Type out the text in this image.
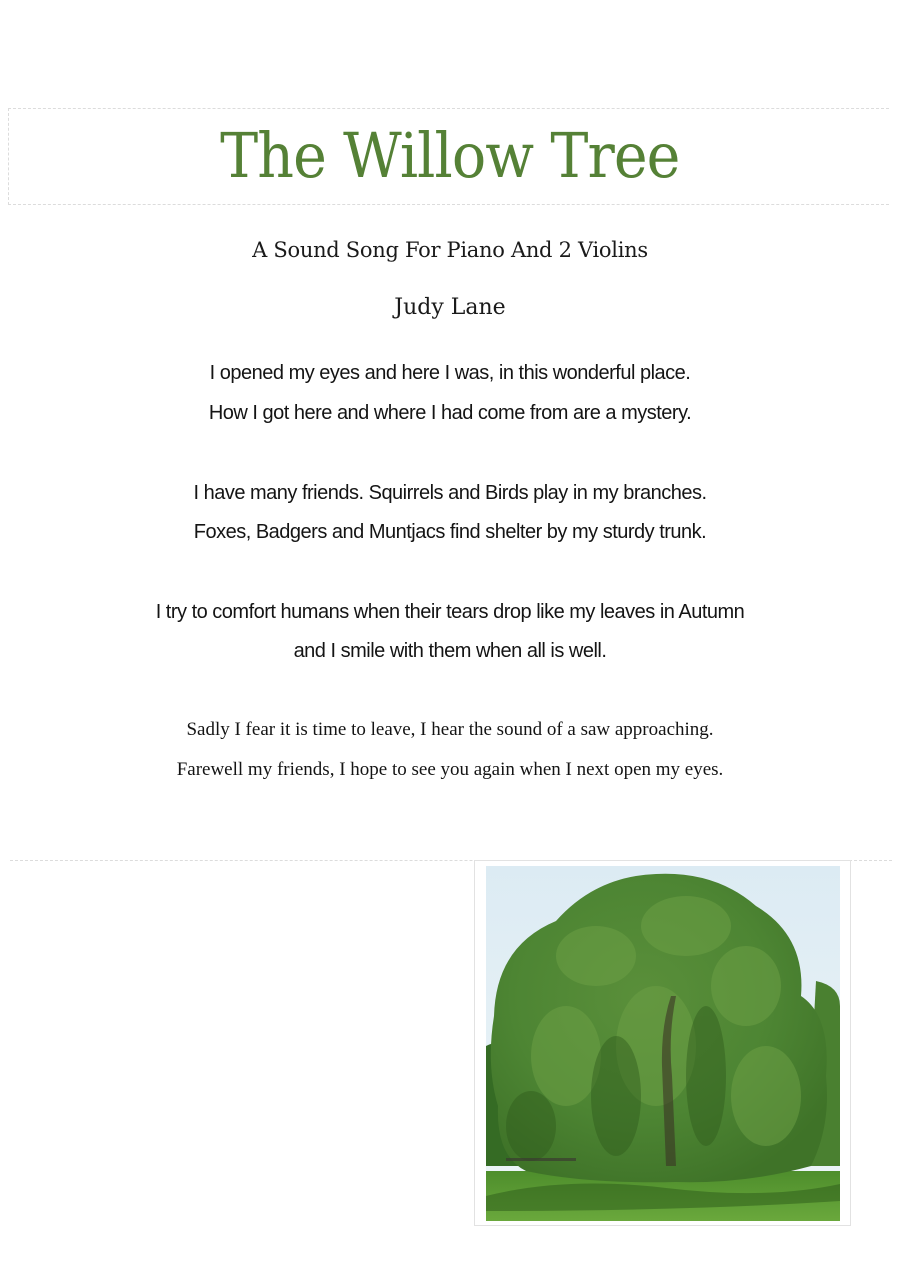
The Willow Tree
A Sound Song For Piano And 2 Violins
Judy Lane
I opened my eyes and here I was, in this wonderful place.
How I got here and where I had come from are a mystery.
I have many friends. Squirrels and Birds play in my branches.
Foxes, Badgers and Muntjacs find shelter by my sturdy trunk.
I try to comfort humans when their tears drop like my leaves in Autumn
and I smile with them when all is well.
Sadly I fear it is time to leave, I hear the sound of a saw approaching.
Farewell my friends, I hope to see you again when I next open my eyes.
